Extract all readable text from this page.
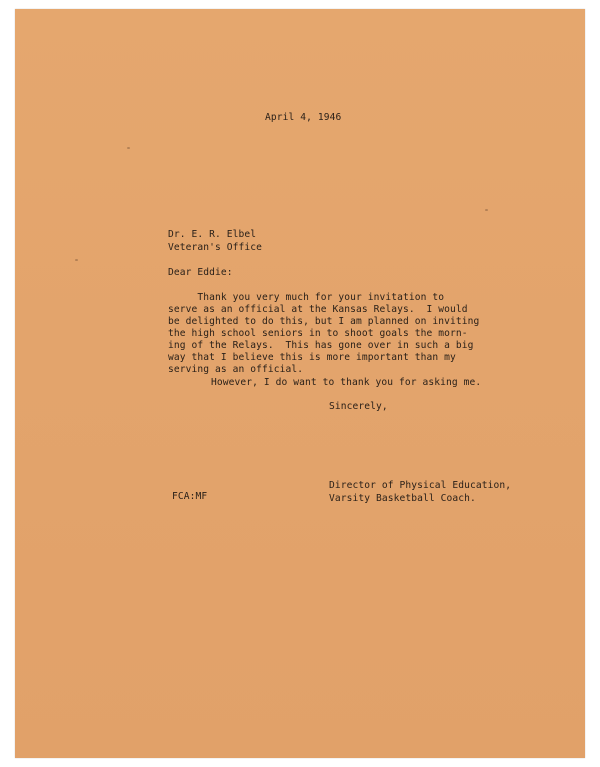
April 4, 1946
Dr. E. R. Elbel
Veteran's Office
Dear Eddie:
Thank you very much for your invitation to
serve as an official at the Kansas Relays.  I would
be delighted to do this, but I am planned on inviting
the high school seniors in to shoot goals the morn-
ing of the Relays.  This has gone over in such a big
way that I believe this is more important than my
serving as an official.
However, I do want to thank you for asking me.
Sincerely,
Director of Physical Education,
Varsity Basketball Coach.
FCA:MF
